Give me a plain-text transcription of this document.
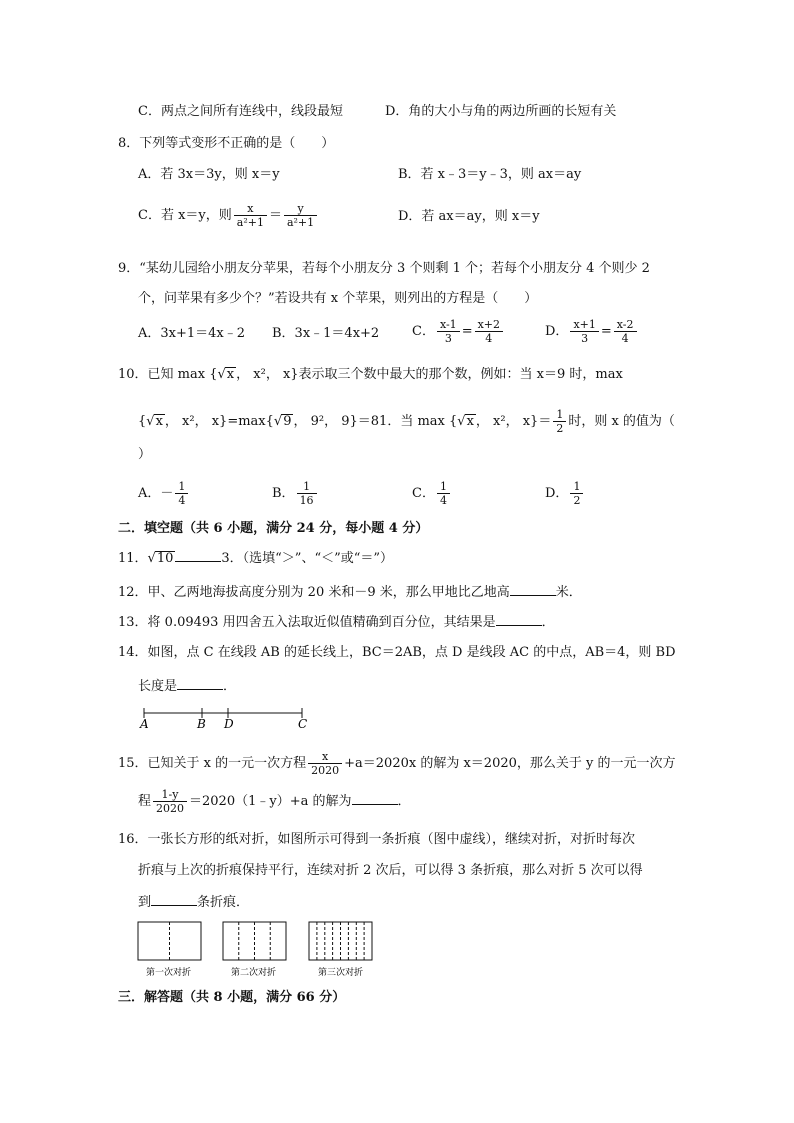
C．两点之间所有连线中，线段最短	D．角的大小与角的两边所画的长短有关
8．下列等式变形不正确的是（　　）
A．若 3x＝3y，则 x＝y	B．若 x﹣3＝y﹣3，则 ax＝ay
C．若 x＝y，则 $\frac{x}{\text{a²+1}} = \frac{y}{\text{a²+1}}$	D．若 ax＝ay，则 x＝y
9．“某幼儿园给小朋友分苹果，若每个小朋友分 3 个则剩 1 个；若每个小朋友分 4 个则少 2
个，问苹果有多少个？”若设共有 x 个苹果，则列出的方程是（　　）
A．3x+1＝4x﹣2 B．3x﹣1＝4x+2	C． $\frac{x-1}{3} = \frac{x+2}{4}$	D． $\frac{x+1}{3} = \frac{x-2}{4}$
10．已知 max {√x ， x²， x}表示取三个数中最大的那个数，例如：当 x＝9 时，max
{√x ， x²， x}=max{√9 ， 9²， 9}＝81．当 max {√x ， x²， $x\}= \frac{1}{2}$ 时，则 x 的值为（
）
A．－ $\frac{1}{4}$	B． $\frac{1}{16}$	C． $\frac{1}{4}$	D． $\frac{1}{2}$
二．填空题（共 6 小题，满分 24 分，每小题 4 分）
11．√10	3．（选填“＞”、“＜”或“＝”）
12．甲、乙两地海拔高度分别为 20 米和－9 米，那么甲地比乙地高	米．
13．将 0.09493 用四舍五入法取近似值精确到百分位，其结果是	．
14．如图，点 C 在线段 AB 的延长线上，BC＝2AB，点 D 是线段 AC 的中点，AB＝4，则 BD
长度是	．
A	B D	C
15．已知关于 x 的一元一次方程 $\frac{x}{2020} +a=2020x$ 的解为 x＝2020，那么关于 y 的一元一次方
程 $\frac{1-y}{2020}$ ＝2020（1﹣y）+a 的解为	．
16．一张长方形的纸对折，如图所示可得到一条折痕（图中虚线），继续对折，对折时每次
折痕与上次的折痕保持平行，连续对折 2 次后，可以得 3 条折痕，那么对折 5 次可以得
到	条折痕．
第一次对折	第二次对折	第三次对折
三．解答题（共 8 小题，满分 66 分）
